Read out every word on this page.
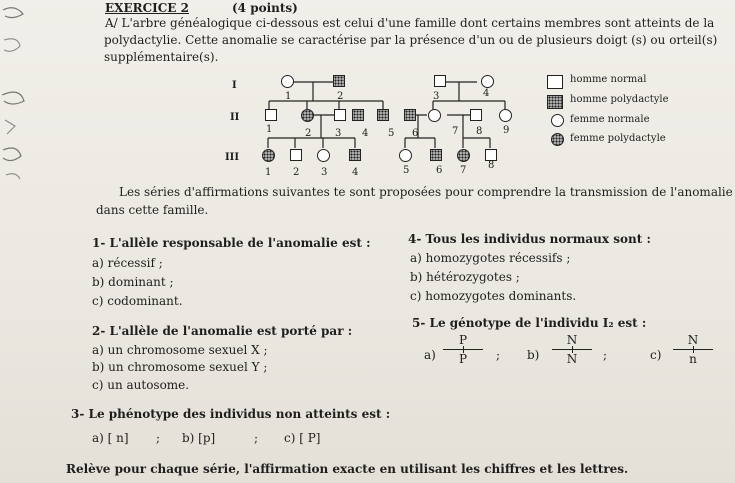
EXERCICE 2	(4 points)
A/ L'arbre généalogique ci-dessous est celui d'une famille dont certains membres sont atteints de la
polydactylie. Cette anomalie se caractérise par la présence d'un ou de plusieurs doigt (s) ou orteil(s)
supplémentaire(s).
I
II
III
1	2	3	4
1	2 3 4 5 6	7 8 9
1 2 3 4	5	6 7 8
homme normal
homme polydactyle
femme normale
femme polydactyle
Les séries d'affirmations suivantes te sont proposées pour comprendre la transmission de l'anomalie
dans cette famille.
1- L'allèle responsable de l'anomalie est :
a) récessif ;
b) dominant ;
c) codominant.
4- Tous les individus normaux sont :
a) homozygotes récessifs ;
b) hétérozygotes ;
c) homozygotes dominants.
2- L'allèle de l'anomalie est porté par :
a) un chromosome sexuel X ;
b) un chromosome sexuel Y ;
c) un autosome.
5- Le génotype de l'individu I₂ est :
a)
P
P	; b)
N
N	;	c)
N
n
3- Le phénotype des individus non atteints est :
a) [ n] ; b) [p]	; c) [ P]
Relève pour chaque série, l'affirmation exacte en utilisant les chiffres et les lettres.
